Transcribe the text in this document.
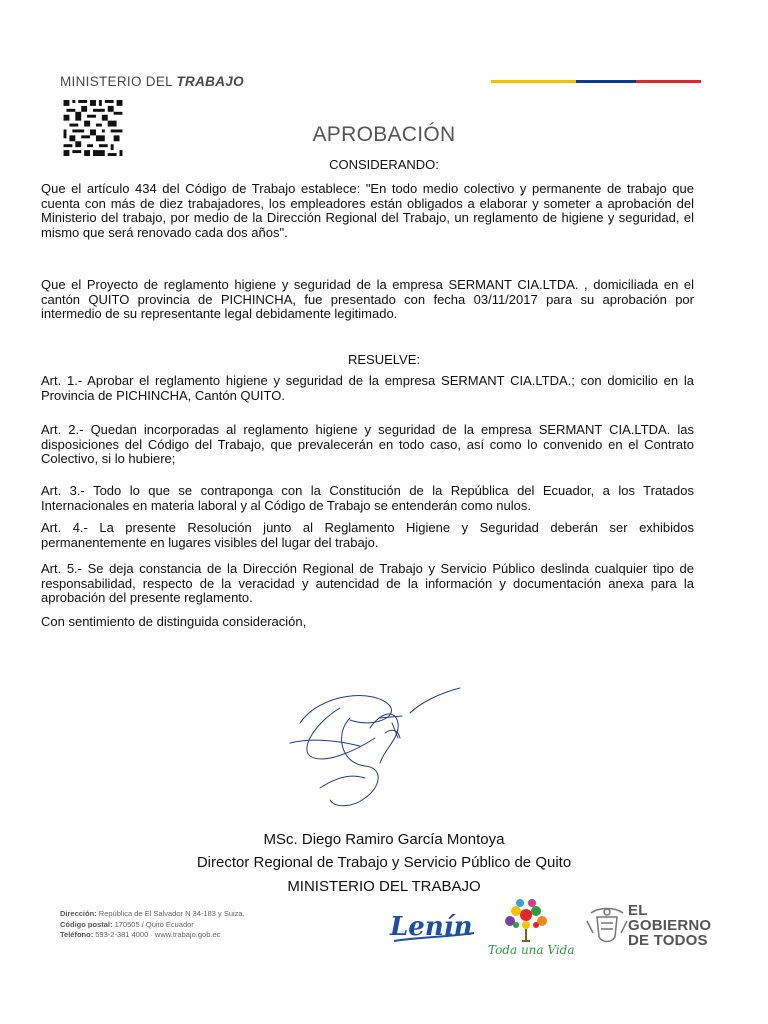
MINISTERIO DEL TRABAJO
APROBACIÓN
CONSIDERANDO:
Que el artículo 434 del Código de Trabajo establece: "En todo medio colectivo y permanente de trabajo que cuenta con más de diez trabajadores, los empleadores están obligados a elaborar y someter a aprobación del Ministerio del trabajo, por medio de la Dirección Regional del Trabajo, un reglamento de higiene y seguridad, el mismo que será renovado cada dos años".
Que el Proyecto de reglamento higiene y seguridad de la empresa SERMANT CIA.LTDA. , domiciliada en el cantón QUITO provincia de PICHINCHA, fue presentado con fecha 03/11/2017 para su aprobación por intermedio de su representante legal debidamente legitimado.
RESUELVE:
Art. 1.- Aprobar el reglamento higiene y seguridad de la empresa SERMANT CIA.LTDA.; con domicilio en la Provincia de PICHINCHA, Cantón QUITO.
Art. 2.- Quedan incorporadas al reglamento higiene y seguridad de la empresa SERMANT CIA.LTDA. las disposiciones del Código del Trabajo, que prevalecerán en todo caso, así como lo convenido en el Contrato Colectivo, si lo hubiere;
Art. 3.- Todo lo que se contraponga con la Constitución de la República del Ecuador, a los Tratados Internacionales en materia laboral y al Código de Trabajo se entenderán como nulos.
Art. 4.- La presente Resolución junto al Reglamento Higiene y Seguridad deberán ser exhibidos permanentemente en lugares visibles del lugar del trabajo.
Art. 5.- Se deja constancia de la Dirección Regional de Trabajo y Servicio Público deslinda cualquier tipo de responsabilidad, respecto de la veracidad y autencidad de la información y documentación anexa para la aprobación del presente reglamento.
Con sentimiento de distinguida consideración,
MSc. Diego Ramiro García Montoya
Director Regional de Trabajo y Servicio Público de Quito
MINISTERIO DEL TRABAJO
Dirección: República de El Salvador N 34-183 y Suiza.
Código postal: 170505 / Quito Ecuador
Teléfono: 593-2-381 4000 · www.trabajo.gob.ec	Lenín
Toda una Vida
EL
GOBIERNO
DE TODOS
